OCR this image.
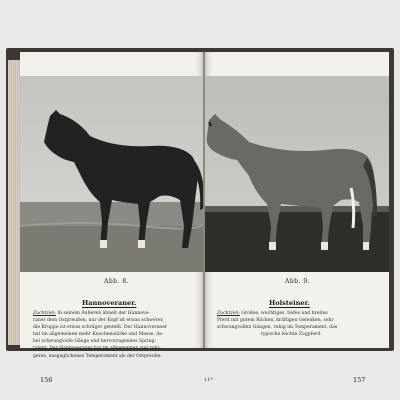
Abb. 8.
Hannoveraner.
Zuchtziel: In seinem Äußeren ähnelt der Hannove-
raner dem Ostpreußen, nur der Kopf ist etwas schwerer,
die Kruppe ist etwas schräger gestellt. Der Hannoveraner
hat im allgemeinen mehr Knochenstärke und Masse, da-
bei schwungvolle Gänge und hervorragendes Spring-
talent. Der Hannoveraner hat im allgemeinen viel ruhi-
geres, ausgeglichenes Temperament als der Ostpreuße.
156
Abb. 9.
Holsteiner.
Zuchtziel: Großes, wuchtiges, tiefes und breites
Pferd mit gutem Rücken, kräftigen Gelenken, sehr
schwungvollen Gängen, ruhig im Temperament, das
typische leichte Zugpferd.
11*	157
